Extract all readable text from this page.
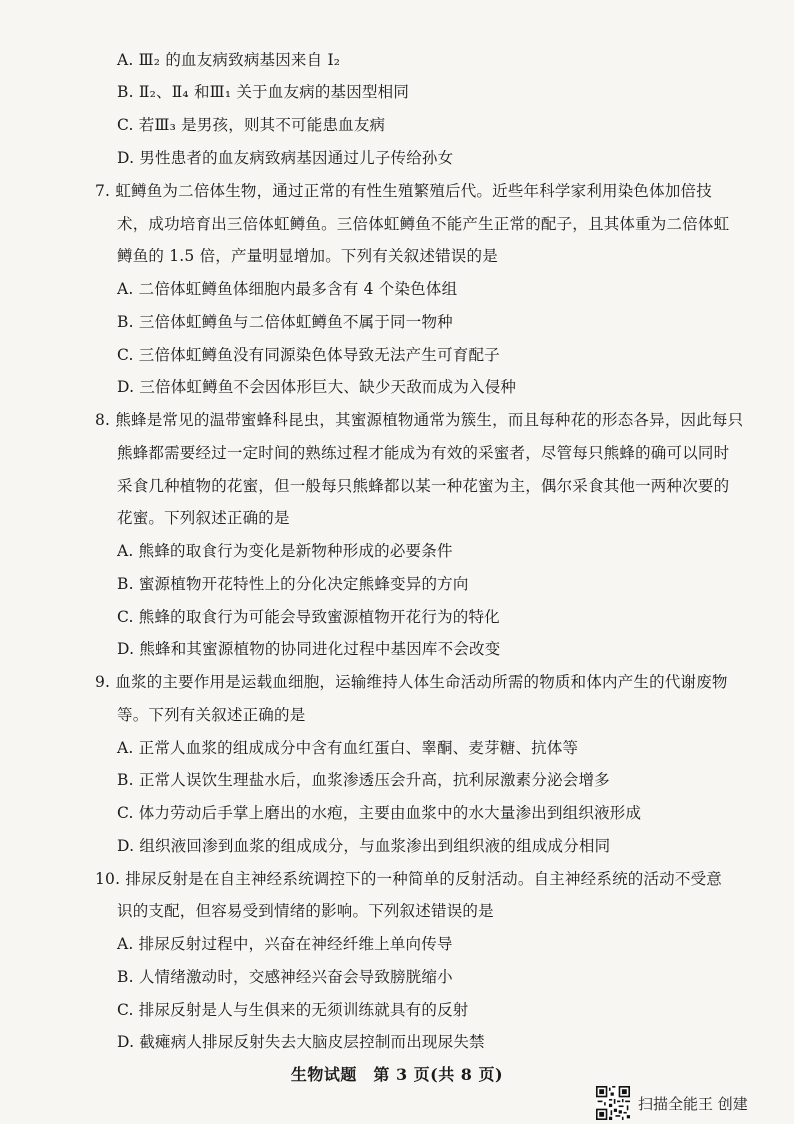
A. Ⅲ₂ 的血友病致病基因来自 Ⅰ₂
B. Ⅱ₂、Ⅱ₄ 和Ⅲ₁ 关于血友病的基因型相同
C. 若Ⅲ₃ 是男孩，则其不可能患血友病
D. 男性患者的血友病致病基因通过儿子传给孙女
7. 虹鳟鱼为二倍体生物，通过正常的有性生殖繁殖后代。近些年科学家利用染色体加倍技
术，成功培育出三倍体虹鳟鱼。三倍体虹鳟鱼不能产生正常的配子，且其体重为二倍体虹
鳟鱼的 1.5 倍，产量明显增加。下列有关叙述错误的是
A. 二倍体虹鳟鱼体细胞内最多含有 4 个染色体组
B. 三倍体虹鳟鱼与二倍体虹鳟鱼不属于同一物种
C. 三倍体虹鳟鱼没有同源染色体导致无法产生可育配子
D. 三倍体虹鳟鱼不会因体形巨大、缺少天敌而成为入侵种
8. 熊蜂是常见的温带蜜蜂科昆虫，其蜜源植物通常为簇生，而且每种花的形态各异，因此每只
熊蜂都需要经过一定时间的熟练过程才能成为有效的采蜜者，尽管每只熊蜂的确可以同时
采食几种植物的花蜜，但一般每只熊蜂都以某一种花蜜为主，偶尔采食其他一两种次要的
花蜜。下列叙述正确的是
A. 熊蜂的取食行为变化是新物种形成的必要条件
B. 蜜源植物开花特性上的分化决定熊蜂变异的方向
C. 熊蜂的取食行为可能会导致蜜源植物开花行为的特化
D. 熊蜂和其蜜源植物的协同进化过程中基因库不会改变
9. 血浆的主要作用是运载血细胞，运输维持人体生命活动所需的物质和体内产生的代谢废物
等。下列有关叙述正确的是
A. 正常人血浆的组成成分中含有血红蛋白、睾酮、麦芽糖、抗体等
B. 正常人误饮生理盐水后，血浆渗透压会升高，抗利尿激素分泌会增多
C. 体力劳动后手掌上磨出的水疱，主要由血浆中的水大量渗出到组织液形成
D. 组织液回渗到血浆的组成成分，与血浆渗出到组织液的组成成分相同
10. 排尿反射是在自主神经系统调控下的一种简单的反射活动。自主神经系统的活动不受意
识的支配，但容易受到情绪的影响。下列叙述错误的是
A. 排尿反射过程中，兴奋在神经纤维上单向传导
B. 人情绪激动时，交感神经兴奋会导致膀胱缩小
C. 排尿反射是人与生俱来的无须训练就具有的反射
D. 截瘫病人排尿反射失去大脑皮层控制而出现尿失禁
生物试题　第 3 页(共 8 页)
扫描全能王 创建
